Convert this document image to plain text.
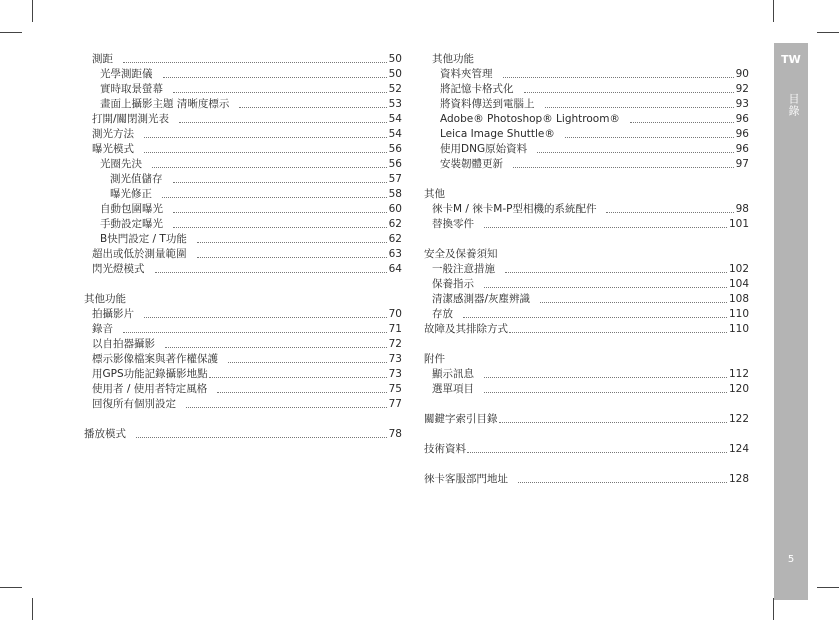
測距	50
光學測距儀	50
實時取景螢幕	52
畫面上攝影主題 清晰度標示	53
打開/關閉測光表	54
測光方法	54
曝光模式	56
光圈先決	56
測光值儲存	57
曝光修正	58
自動包圍曝光	60
手動設定曝光	62
B快門設定 / T功能	62
超出或低於測量範圍	63
閃光燈模式	64
其他功能
拍攝影片	70
錄音	71
以自拍器攝影	72
標示影像檔案與著作權保護	73
用GPS功能記錄攝影地點	73
使用者 / 使用者特定風格	75
回復所有個別設定	77
播放模式	78
其他功能
資料夾管理	90
將記憶卡格式化	92
將資料傳送到電腦上	93
Adobe® Photoshop® Lightroom®	96
Leica Image Shuttle®	96
使用DNG原始資料	96
安裝韌體更新	97
其他
徠卡M / 徠卡M-P型相機的系統配件	98
替換零件	101
安全及保養須知
一般注意措施	102
保養指示	104
清潔感測器/灰塵辨識	108
存放	110
故障及其排除方式	110
附件
顯示訊息	112
選單項目	120
關鍵字索引目錄	122
技術資料	124
徠卡客服部門地址	128
TW
目錄
5
